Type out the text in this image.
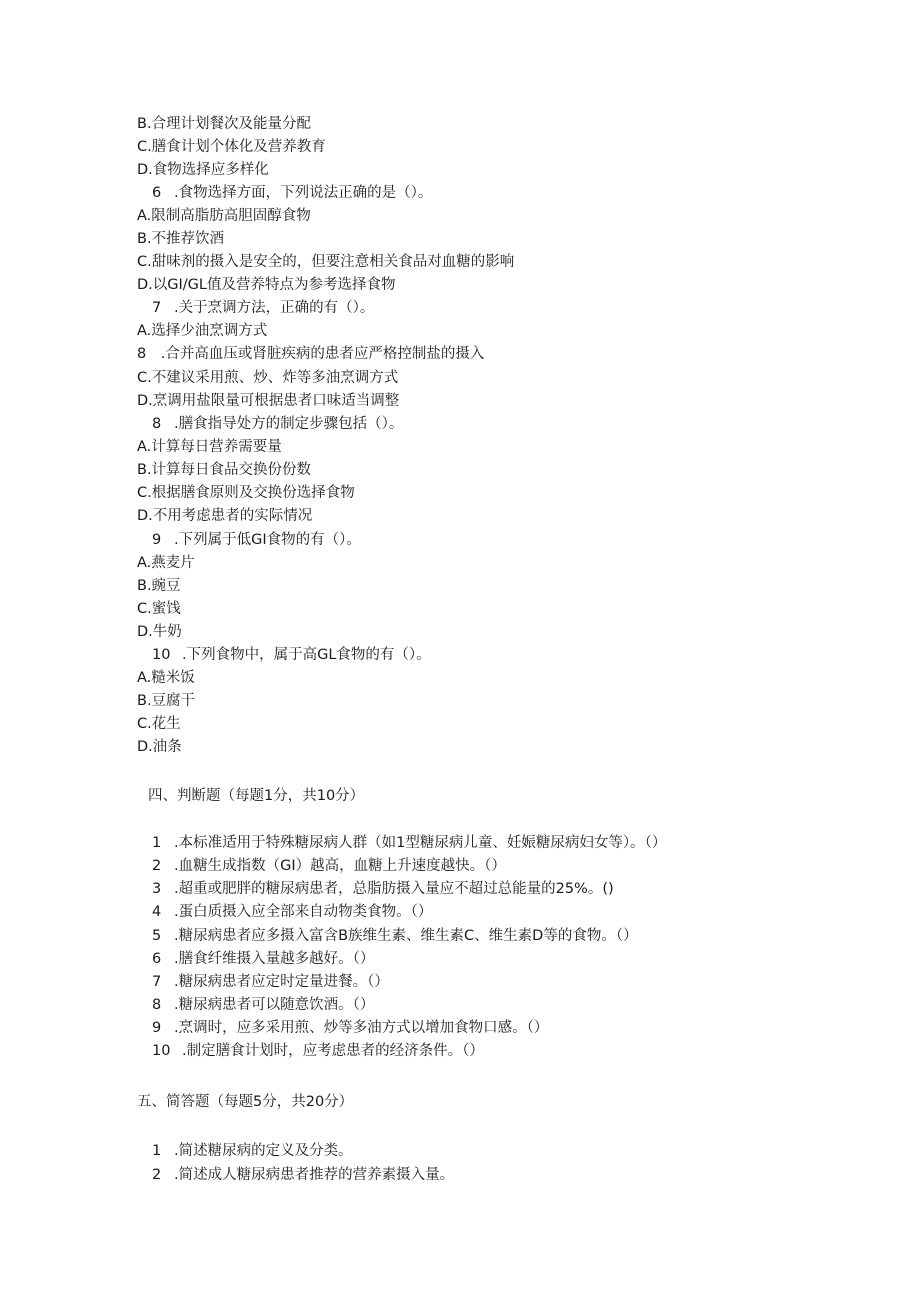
B.合理计划餐次及能量分配
C.膳食计划个体化及营养教育
D.食物选择应多样化
6 .食物选择方面，下列说法正确的是（）。
A.限制高脂肪高胆固醇食物
B.不推荐饮酒
C.甜味剂的摄入是安全的，但要注意相关食品对血糖的影响
D.以GI/GL值及营养特点为参考选择食物
7 .关于烹调方法，正确的有（）。
A.选择少油烹调方式
8　.合并高血压或肾脏疾病的患者应严格控制盐的摄入
C.不建议采用煎、炒、炸等多油烹调方式
D.烹调用盐限量可根据患者口味适当调整
8 .膳食指导处方的制定步骤包括（）。
A.计算每日营养需要量
B.计算每日食品交换份份数
C.根据膳食原则及交换份选择食物
D.不用考虑患者的实际情况
9 .下列属于低GI食物的有（）。
A.燕麦片
B.豌豆
C.蜜饯
D.牛奶
10 .下列食物中，属于高GL食物的有（）。
A.糙米饭
B.豆腐干
C.花生
D.油条
四、判断题（每题1分，共10分）
1 .本标准适用于特殊糖尿病人群（如1型糖尿病儿童、妊娠糖尿病妇女等）。（）
2 .血糖生成指数（GI）越高，血糖上升速度越快。（）
3 .超重或肥胖的糖尿病患者，总脂肪摄入量应不超过总能量的25%。()
4 .蛋白质摄入应全部来自动物类食物。（）
5 .糖尿病患者应多摄入富含B族维生素、维生素C、维生素D等的食物。（）
6 .膳食纤维摄入量越多越好。（）
7 .糖尿病患者应定时定量进餐。（）
8 .糖尿病患者可以随意饮酒。（）
9 .烹调时，应多采用煎、炒等多油方式以增加食物口感。（）
10 .制定膳食计划时，应考虑患者的经济条件。（）
五、简答题（每题5分，共20分）
1 .简述糖尿病的定义及分类。
2 .简述成人糖尿病患者推荐的营养素摄入量。
